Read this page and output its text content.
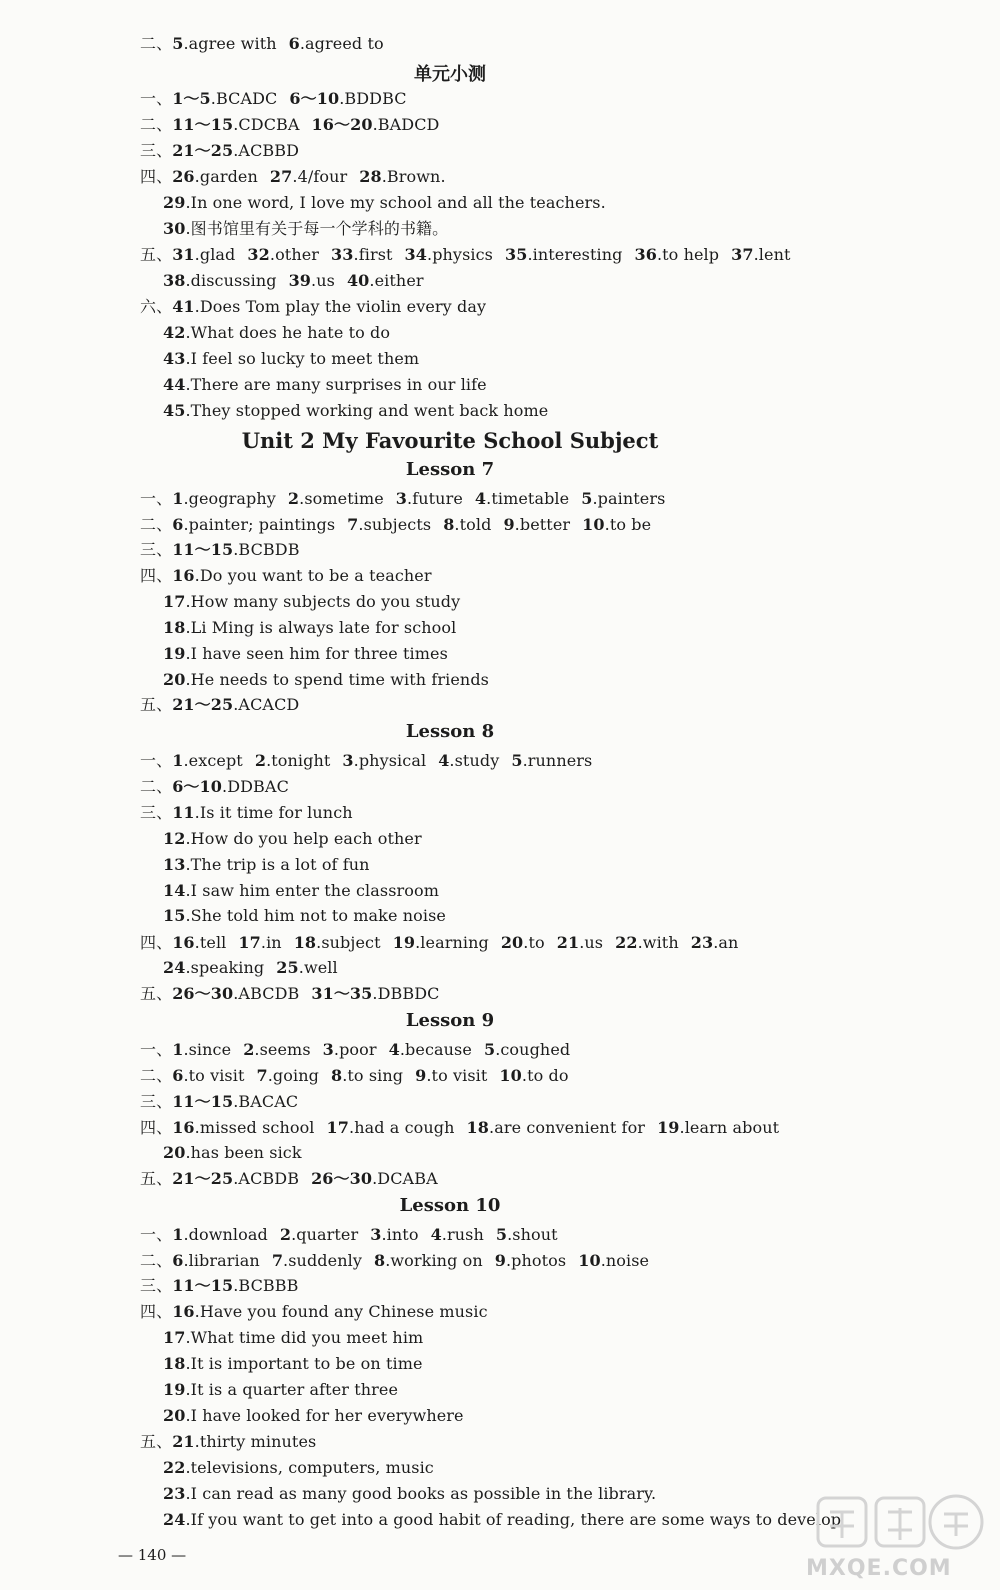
二、5.agree with 6.agreed to
单元小测
一、1～5.BCADC 6～10.BDDBC
二、11～15.CDCBA 16～20.BADCD
三、21～25.ACBBD
四、26.garden 27.4/four 28.Brown.
29.In one word, I love my school and all the teachers.
30.图书馆里有关于每一个学科的书籍。
五、31.glad 32.other 33.first 34.physics 35.interesting 36.to help 37.lent
38.discussing 39.us 40.either
六、41.Does Tom play the violin every day
42.What does he hate to do
43.I feel so lucky to meet them
44.There are many surprises in our life
45.They stopped working and went back home
Unit 2 My Favourite School Subject
Lesson 7
一、1.geography 2.sometime 3.future 4.timetable 5.painters
二、6.painter; paintings 7.subjects 8.told 9.better 10.to be
三、11～15.BCBDB
四、16.Do you want to be a teacher
17.How many subjects do you study
18.Li Ming is always late for school
19.I have seen him for three times
20.He needs to spend time with friends
五、21～25.ACACD
Lesson 8
一、1.except 2.tonight 3.physical 4.study 5.runners
二、6～10.DDBAC
三、11.Is it time for lunch
12.How do you help each other
13.The trip is a lot of fun
14.I saw him enter the classroom
15.She told him not to make noise
四、16.tell 17.in 18.subject 19.learning 20.to 21.us 22.with 23.an
24.speaking 25.well
五、26～30.ABCDB 31～35.DBBDC
Lesson 9
一、1.since 2.seems 3.poor 4.because 5.coughed
二、6.to visit 7.going 8.to sing 9.to visit 10.to do
三、11～15.BACAC
四、16.missed school 17.had a cough 18.are convenient for 19.learn about
20.has been sick
五、21～25.ACBDB 26～30.DCABA
Lesson 10
一、1.download 2.quarter 3.into 4.rush 5.shout
二、6.librarian 7.suddenly 8.working on 9.photos 10.noise
三、11～15.BCBBB
四、16.Have you found any Chinese music
17.What time did you meet him
18.It is important to be on time
19.It is a quarter after three
20.I have looked for her everywhere
五、21.thirty minutes
22.televisions, computers, music
23.I can read as many good books as possible in the library.
24.If you want to get into a good habit of reading, there are some ways to develop
— 140 —
MXQE.COM
